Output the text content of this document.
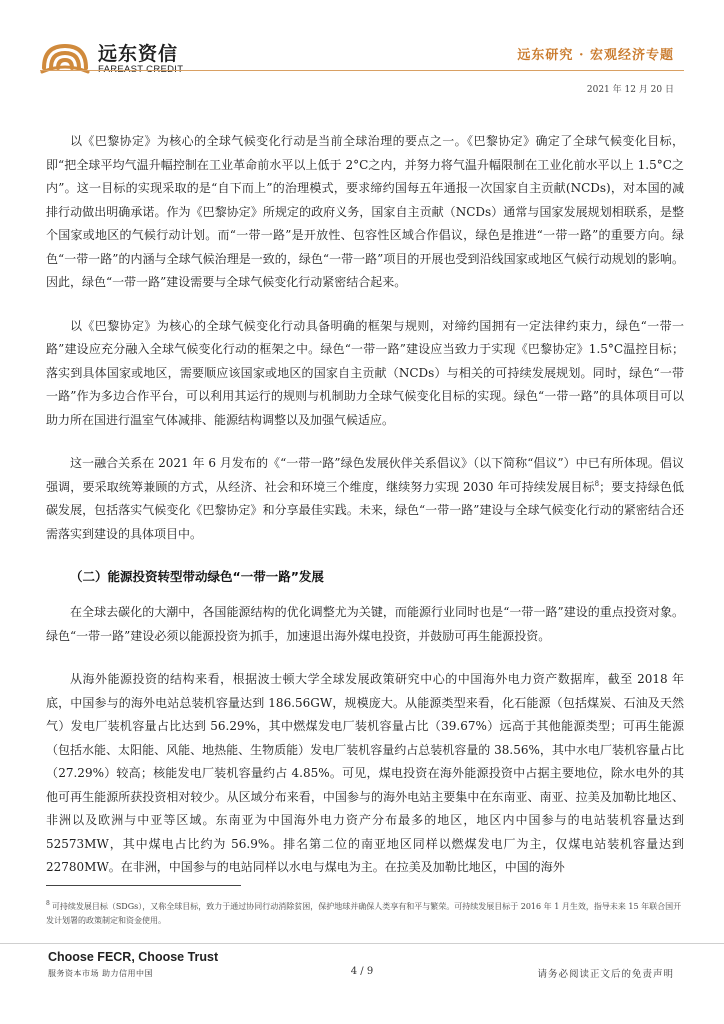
远东资信	远东研究 · 宏观经济专题
2021 年 12 月 20 日

以《巴黎协定》为核心的全球气候变化行动是当前全球治理的要点之一。《巴黎协定》确定了全球气候变化目标，即“把全球平均气温升幅控制在工业革命前水平以上低于 2°C之内，并努力将气温升幅限制在工业化前水平以上 1.5°C之内”。这一目标的实现采取的是“自下而上”的治理模式，要求缔约国每五年通报一次国家自主贡献(NCDs)，对本国的减排行动做出明确承诺。作为《巴黎协定》所规定的政府义务，国家自主贡献（NCDs）通常与国家发展规划相联系，是整个国家或地区的气候行动计划。而“一带一路”是开放性、包容性区域合作倡议，绿色是推进“一带一路”的重要方向。绿色“一带一路”的内涵与全球气候治理是一致的，绿色“一带一路”项目的开展也受到沿线国家或地区气候行动规划的影响。因此，绿色“一带一路”建设需要与全球气候变化行动紧密结合起来。

以《巴黎协定》为核心的全球气候变化行动具备明确的框架与规则，对缔约国拥有一定法律约束力，绿色“一带一路”建设应充分融入全球气候变化行动的框架之中。绿色“一带一路”建设应当致力于实现《巴黎协定》1.5°C温控目标；落实到具体国家或地区，需要顺应该国家或地区的国家自主贡献（NCDs）与相关的可持续发展规划。同时，绿色“一带一路”作为多边合作平台，可以利用其运行的规则与机制助力全球气候变化目标的实现。绿色“一带一路”的具体项目可以助力所在国进行温室气体减排、能源结构调整以及加强气候适应。

这一融合关系在 2021 年 6 月发布的《“一带一路”绿色发展伙伴关系倡议》（以下简称“倡议”）中已有所体现。倡议强调，要采取统筹兼顾的方式，从经济、社会和环境三个维度，继续努力实现 2030 年可持续发展目标$^8$；要支持绿色低碳发展，包括落实气候变化《巴黎协定》和分享最佳实践。未来，绿色“一带一路”建设与全球气候变化行动的紧密结合还需落实到建设的具体项目中。

（二）能源投资转型带动绿色“一带一路”发展

在全球去碳化的大潮中，各国能源结构的优化调整尤为关键，而能源行业同时也是“一带一路”建设的重点投资对象。绿色“一带一路”建设必须以能源投资为抓手，加速退出海外煤电投资，并鼓励可再生能源投资。

从海外能源投资的结构来看，根据波士顿大学全球发展政策研究中心的中国海外电力资产数据库，截至 2018 年底，中国参与的海外电站总装机容量达到 186.56GW，规模庞大。从能源类型来看，化石能源（包括煤炭、石油及天然气）发电厂装机容量占比达到 56.29%，其中燃煤发电厂装机容量占比（39.67%）远高于其他能源类型；可再生能源（包括水能、太阳能、风能、地热能、生物质能）发电厂装机容量约占总装机容量的 38.56%，其中水电厂装机容量占比（27.29%）较高；核能发电厂装机容量约占 4.85%。可见，煤电投资在海外能源投资中占据主要地位，除水电外的其他可再生能源所获投资相对较少。从区域分布来看，中国参与的海外电站主要集中在东南亚、南亚、拉美及加勒比地区、非洲以及欧洲与中亚等区域。东南亚为中国海外电力资产分布最多的地区，地区内中国参与的电站装机容量达到 52573MW，其中煤电占比约为 56.9%。排名第二位的南亚地区同样以燃煤发电厂为主，仅煤电站装机容量达到 22780MW。在非洲，中国参与的电站同样以水电与煤电为主。在拉美及加勒比地区，中国的海外

$^8$ 可持续发展目标（SDGs），又称全球目标，致力于通过协同行动消除贫困，保护地球并确保人类享有和平与繁荣。可持续发展目标于 2016 年 1 月生效，指导未来 15 年联合国开发计划署的政策制定和资金使用。
Choose FECR, Choose Trust
服务资本市场 助力信用中国	4 / 9	请务必阅读正文后的免责声明
